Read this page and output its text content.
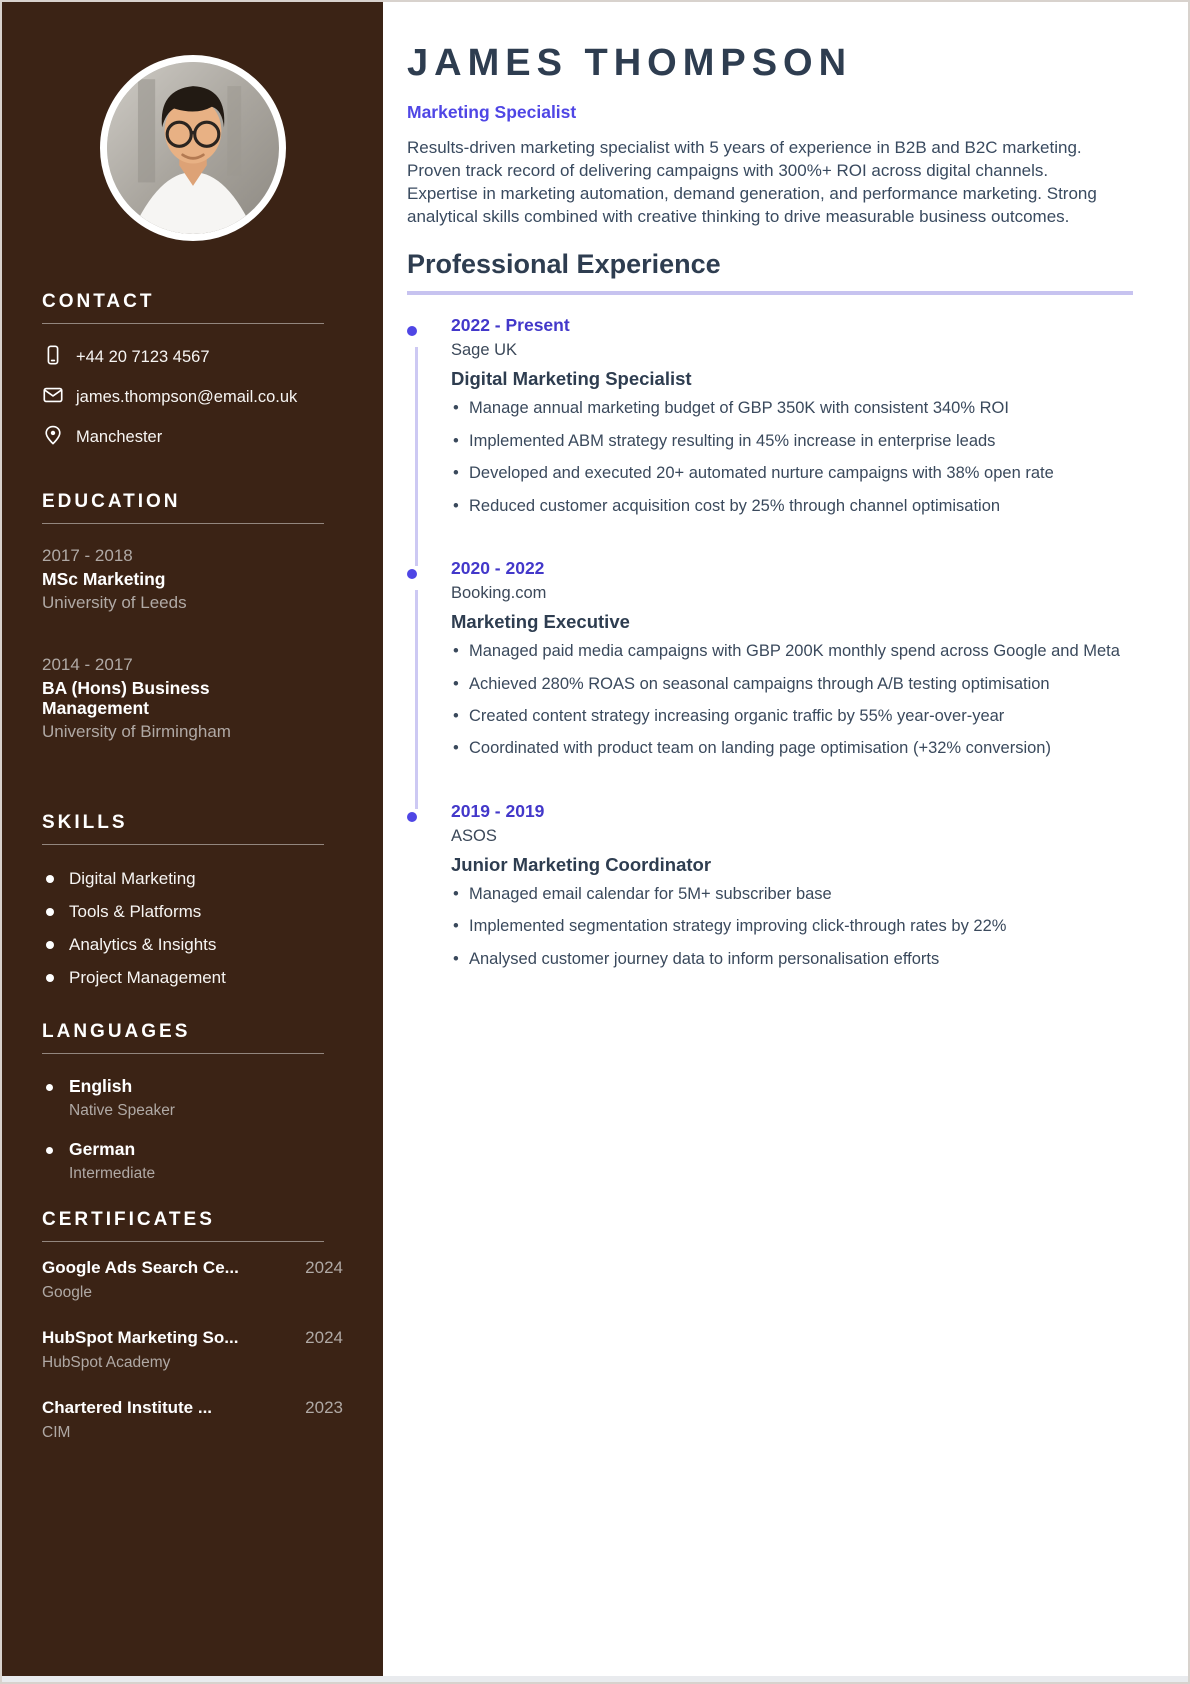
CONTACT
+44 20 7123 4567
james.thompson@email.co.uk
Manchester
EDUCATION
2017 - 2018
MSc Marketing
University of Leeds
2014 - 2017
BA (Hons) Business Management
University of Birmingham
SKILLS
Digital Marketing
Tools & Platforms
Analytics & Insights
Project Management
LANGUAGES
English
Native Speaker
German
Intermediate
CERTIFICATES
Google Ads Search Ce...	2024
Google
HubSpot Marketing So...	2024
HubSpot Academy
Chartered Institute ...	2023
CIM
JAMES THOMPSON
Marketing Specialist

Results-driven marketing specialist with 5 years of experience in B2B and B2C marketing. Proven track record of delivering campaigns with 300%+ ROI across digital channels. Expertise in marketing automation, demand generation, and performance marketing. Strong analytical skills combined with creative thinking to drive measurable business outcomes.

Professional Experience
2022 - Present
Sage UK
Digital Marketing Specialist
• Manage annual marketing budget of GBP 350K with consistent 340% ROI
• Implemented ABM strategy resulting in 45% increase in enterprise leads
• Developed and executed 20+ automated nurture campaigns with 38% open rate
• Reduced customer acquisition cost by 25% through channel optimisation
2020 - 2022
Booking.com
Marketing Executive
• Managed paid media campaigns with GBP 200K monthly spend across Google and Meta
• Achieved 280% ROAS on seasonal campaigns through A/B testing optimisation
• Created content strategy increasing organic traffic by 55% year-over-year
• Coordinated with product team on landing page optimisation (+32% conversion)
2019 - 2019
ASOS
Junior Marketing Coordinator
• Managed email calendar for 5M+ subscriber base
• Implemented segmentation strategy improving click-through rates by 22%
• Analysed customer journey data to inform personalisation efforts
